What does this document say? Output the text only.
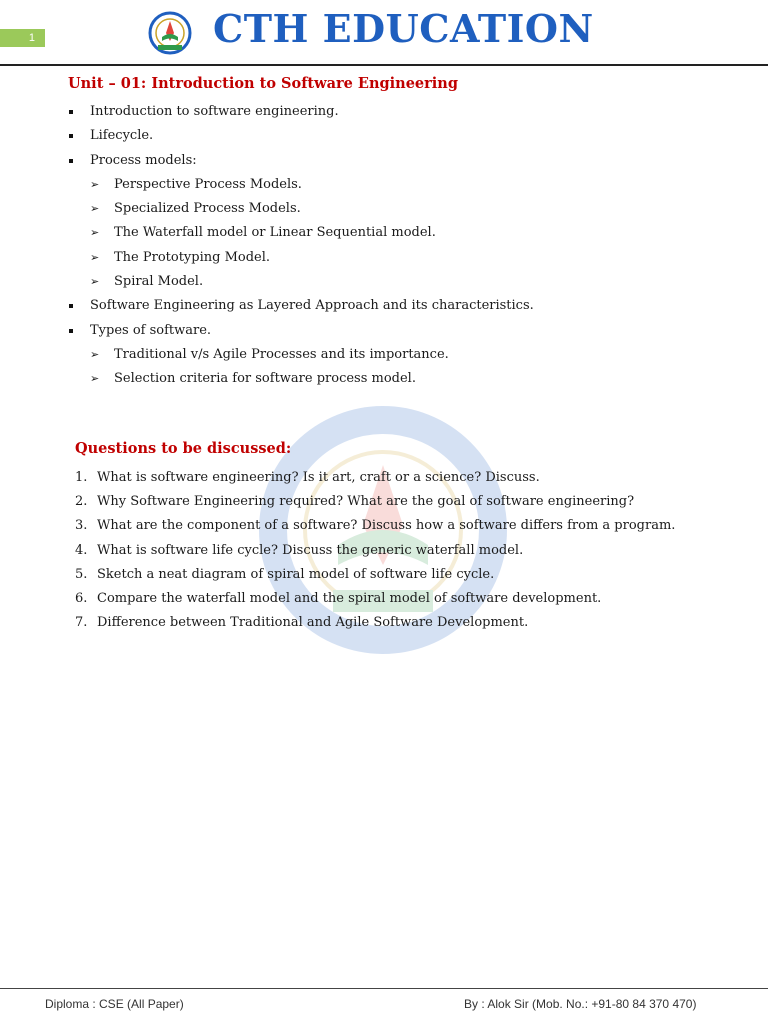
1	CTH EDUCATION
Unit – 01: Introduction to Software Engineering
Introduction to software engineering.
Lifecycle.
Process models:
➢ Perspective Process Models.
➢ Specialized Process Models.
➢ The Waterfall model or Linear Sequential model.
➢ The Prototyping Model.
➢ Spiral Model.
Software Engineering as Layered Approach and its characteristics.
Types of software.
➢ Traditional v/s Agile Processes and its importance.
➢ Selection criteria for software process model.
Questions to be discussed:
1. What is software engineering? Is it art, craft or a science? Discuss.
2. Why Software Engineering required? What are the goal of software engineering?
3. What are the component of a software? Discuss how a software differs from a program.
4. What is software life cycle? Discuss the generic waterfall model.
5. Sketch a neat diagram of spiral model of software life cycle.
6. Compare the waterfall model and the spiral model of software development.
7. Difference between Traditional and Agile Software Development.
Diploma : CSE (All Paper)	By : Alok Sir (Mob. No.: +91-80 84 370 470)
